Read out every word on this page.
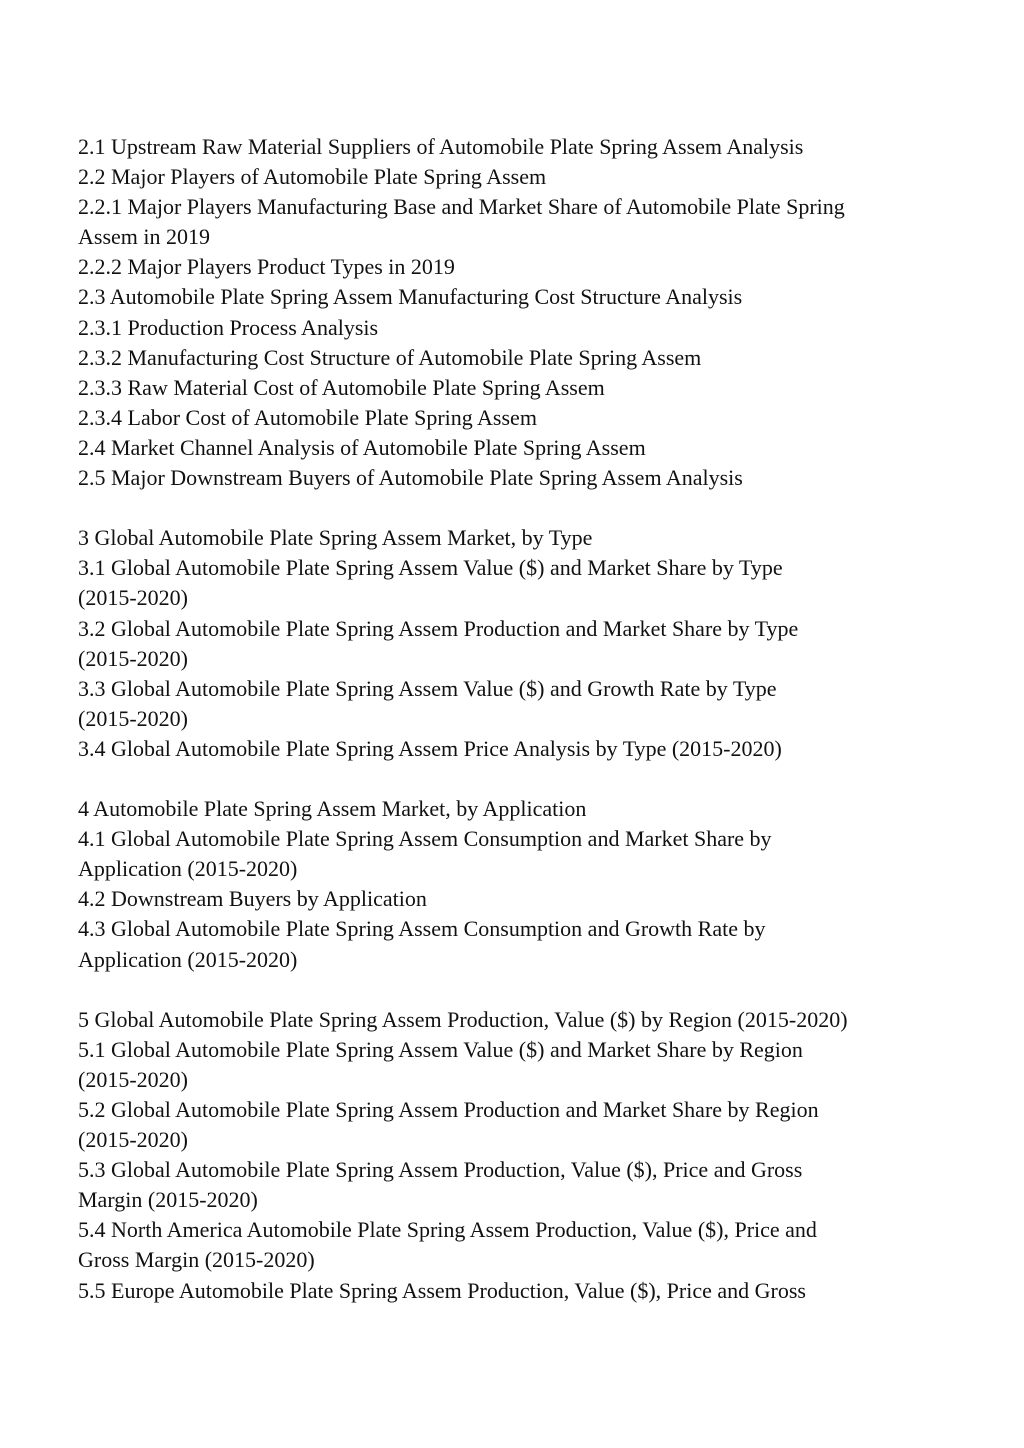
2.1 Upstream Raw Material Suppliers of Automobile Plate Spring Assem Analysis
2.2 Major Players of Automobile Plate Spring Assem
2.2.1 Major Players Manufacturing Base and Market Share of Automobile Plate Spring
Assem in 2019
2.2.2 Major Players Product Types in 2019
2.3 Automobile Plate Spring Assem Manufacturing Cost Structure Analysis
2.3.1 Production Process Analysis
2.3.2 Manufacturing Cost Structure of Automobile Plate Spring Assem
2.3.3 Raw Material Cost of Automobile Plate Spring Assem
2.3.4 Labor Cost of Automobile Plate Spring Assem
2.4 Market Channel Analysis of Automobile Plate Spring Assem
2.5 Major Downstream Buyers of Automobile Plate Spring Assem Analysis
3 Global Automobile Plate Spring Assem Market, by Type
3.1 Global Automobile Plate Spring Assem Value ($) and Market Share by Type
(2015-2020)
3.2 Global Automobile Plate Spring Assem Production and Market Share by Type
(2015-2020)
3.3 Global Automobile Plate Spring Assem Value ($) and Growth Rate by Type
(2015-2020)
3.4 Global Automobile Plate Spring Assem Price Analysis by Type (2015-2020)
4 Automobile Plate Spring Assem Market, by Application
4.1 Global Automobile Plate Spring Assem Consumption and Market Share by
Application (2015-2020)
4.2 Downstream Buyers by Application
4.3 Global Automobile Plate Spring Assem Consumption and Growth Rate by
Application (2015-2020)
5 Global Automobile Plate Spring Assem Production, Value ($) by Region (2015-2020)
5.1 Global Automobile Plate Spring Assem Value ($) and Market Share by Region
(2015-2020)
5.2 Global Automobile Plate Spring Assem Production and Market Share by Region
(2015-2020)
5.3 Global Automobile Plate Spring Assem Production, Value ($), Price and Gross
Margin (2015-2020)
5.4 North America Automobile Plate Spring Assem Production, Value ($), Price and
Gross Margin (2015-2020)
5.5 Europe Automobile Plate Spring Assem Production, Value ($), Price and Gross
